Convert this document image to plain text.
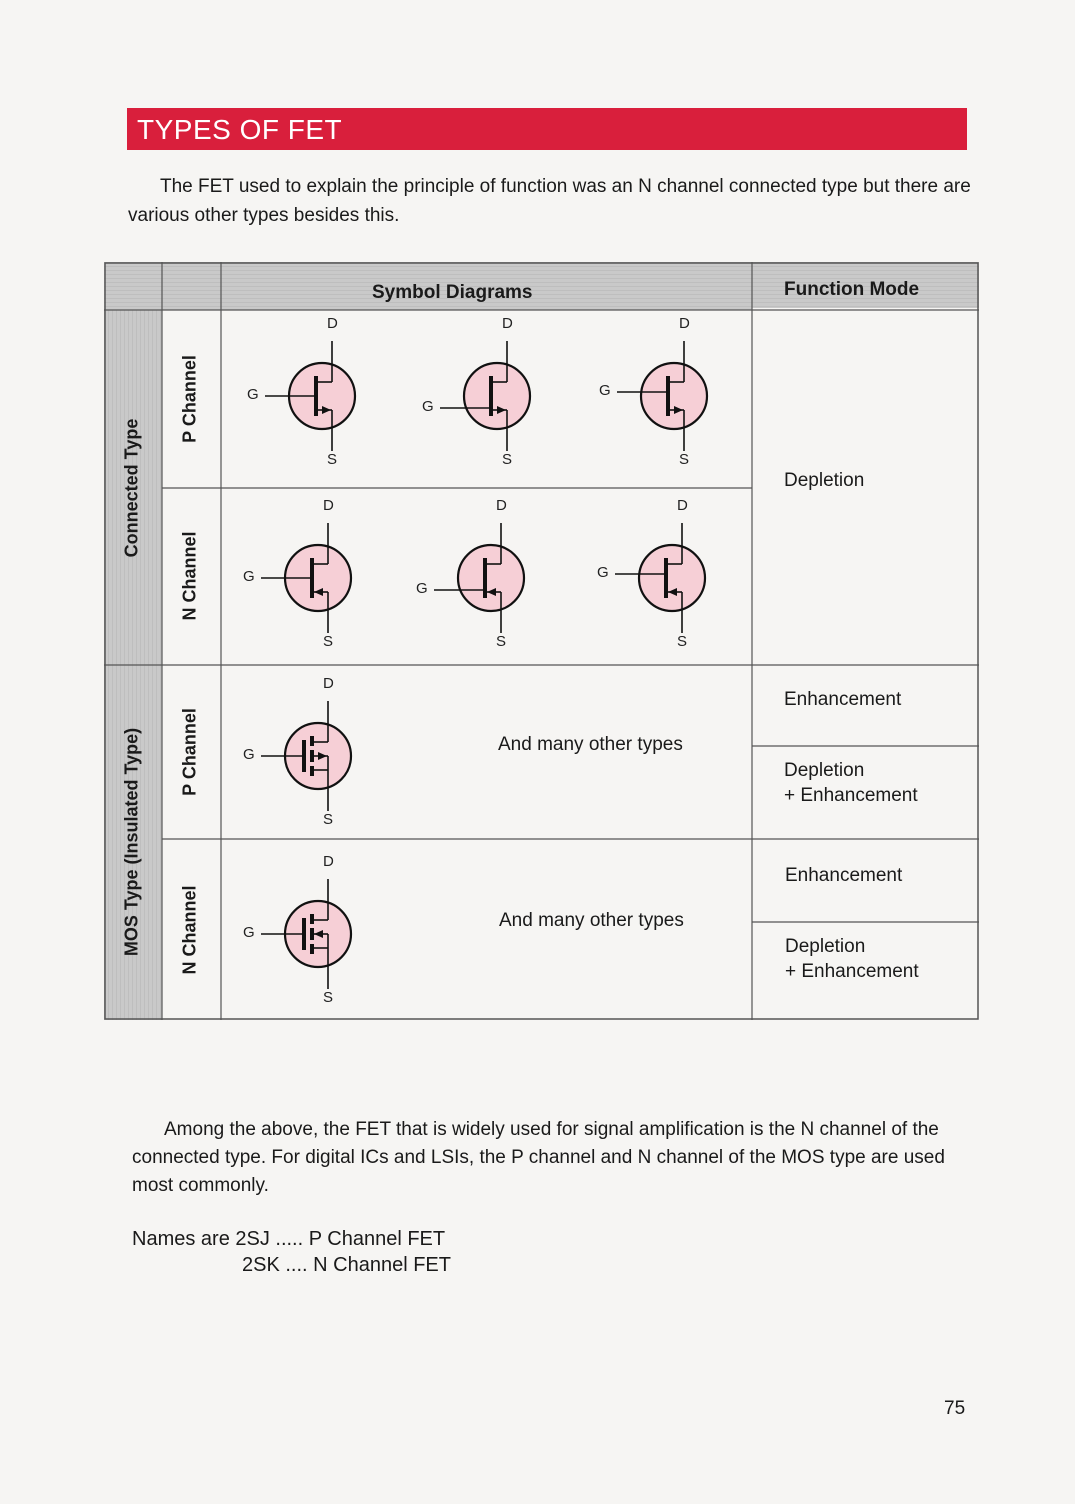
TYPES OF FET
The FET used to explain the principle of function was an N channel connected type but there are various other types besides this.
Symbol Diagrams	Function Mode
Connected Type
MOS Type (Insulated Type)
P Channel
N Channel
P Channel
N Channel
Depletion
Enhancement
Depletion
+ Enhancement
Enhancement
Depletion
+ Enhancement
And many other types
And many other types
D
G
S
D
G
S
D
G
S
D
G
S
D
G
S
D
G
S
D
G
S
D
G
S
Among the above, the FET that is widely used for signal amplification is the N channel of the connected type. For digital ICs and LSIs, the P channel and N channel of the MOS type are used most commonly.
Names are 2SJ ..... P Channel FET
2SK .... N Channel FET
75
